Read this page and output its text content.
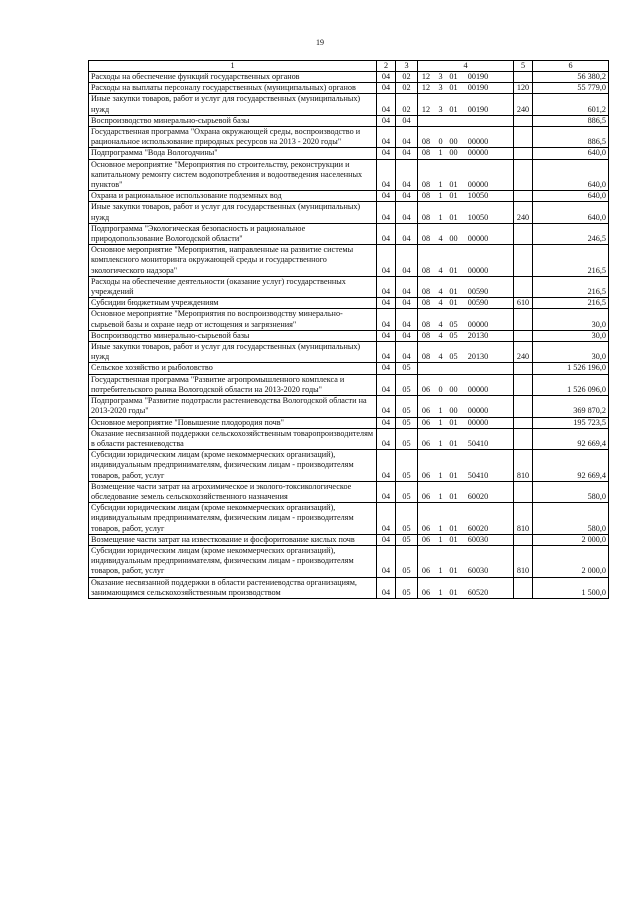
19
1	2	3	4	5	6
Расходы на обеспечение функций государственных органов	04	02	12 3 01 00190		56 380,2
Расходы на выплаты персоналу государственных (муниципальных) органов	04	02	12 3 01 00190	120	55 779,0
Иные закупки товаров, работ и услуг для государственных (муниципальных) нужд	04	02	12 3 01 00190	240	601,2
Воспроизводство минерально-сырьевой базы	04	04			886,5
Государственная программа "Охрана окружающей среды, воспроизводство и рациональное использование природных ресурсов на 2013 - 2020 годы"	04	04	08 0 00 00000		886,5
Подпрограмма "Вода Вологодчины"	04	04	08 1 00 00000		640,0
Основное мероприятие "Мероприятия по строительству, реконструкции и капитальному ремонту систем водопотребления и водоотведения населенных пунктов"	04	04	08 1 01 00000		640,0
Охрана и рациональное использование подземных вод	04	04	08 1 01 10050		640,0
Иные закупки товаров, работ и услуг для государственных (муниципальных) нужд	04	04	08 1 01 10050	240	640,0
Подпрограмма "Экологическая безопасность и рациональное природопользование Вологодской области"	04	04	08 4 00 00000		246,5
Основное мероприятие "Мероприятия, направленные на развитие системы комплексного мониторинга окружающей среды и государственного экологического надзора"	04	04	08 4 01 00000		216,5
Расходы на обеспечение деятельности (оказание услуг) государственных учреждений	04	04	08 4 01 00590		216,5
Субсидии бюджетным учреждениям	04	04	08 4 01 00590	610	216,5
Основное мероприятие "Мероприятия по воспроизводству минерально-сырьевой базы и охране недр от истощения и загрязнения"	04	04	08 4 05 00000		30,0
Воспроизводство минерально-сырьевой базы	04	04	08 4 05 20130		30,0
Иные закупки товаров, работ и услуг для государственных (муниципальных) нужд	04	04	08 4 05 20130	240	30,0
Сельское хозяйство и рыболовство	04	05			1 526 196,0
Государственная программа "Развитие агропромышленного комплекса и потребительского рынка Вологодской области на 2013-2020 годы"	04	05	06 0 00 00000		1 526 096,0
Подпрограмма "Развитие подотрасли растениеводства Вологодской области на 2013-2020 годы"	04	05	06 1 00 00000		369 870,2
Основное мероприятие "Повышение плодородия почв"	04	05	06 1 01 00000		195 723,5
Оказание несвязанной поддержки сельскохозяйственным товаропроизводителям в области растениеводства	04	05	06 1 01 50410		92 669,4
Субсидии юридическим лицам (кроме некоммерческих организаций), индивидуальным предпринимателям, физическим лицам - производителям товаров, работ, услуг	04	05	06 1 01 50410	810	92 669,4
Возмещение части затрат на агрохимическое и эколого-токсикологическое обследование земель сельскохозяйственного назначения	04	05	06 1 01 60020		580,0
Субсидии юридическим лицам (кроме некоммерческих организаций), индивидуальным предпринимателям, физическим лицам - производителям товаров, работ, услуг	04	05	06 1 01 60020	810	580,0
Возмещение части затрат на известкование и фосфоритование кислых почв	04	05	06 1 01 60030		2 000,0
Субсидии юридическим лицам (кроме некоммерческих организаций), индивидуальным предпринимателям, физическим лицам - производителям товаров, работ, услуг	04	05	06 1 01 60030	810	2 000,0
Оказание несвязанной поддержки в области растениеводства организациям, занимающимся сельскохозяйственным производством	04	05	06 1 01 60520		1 500,0
